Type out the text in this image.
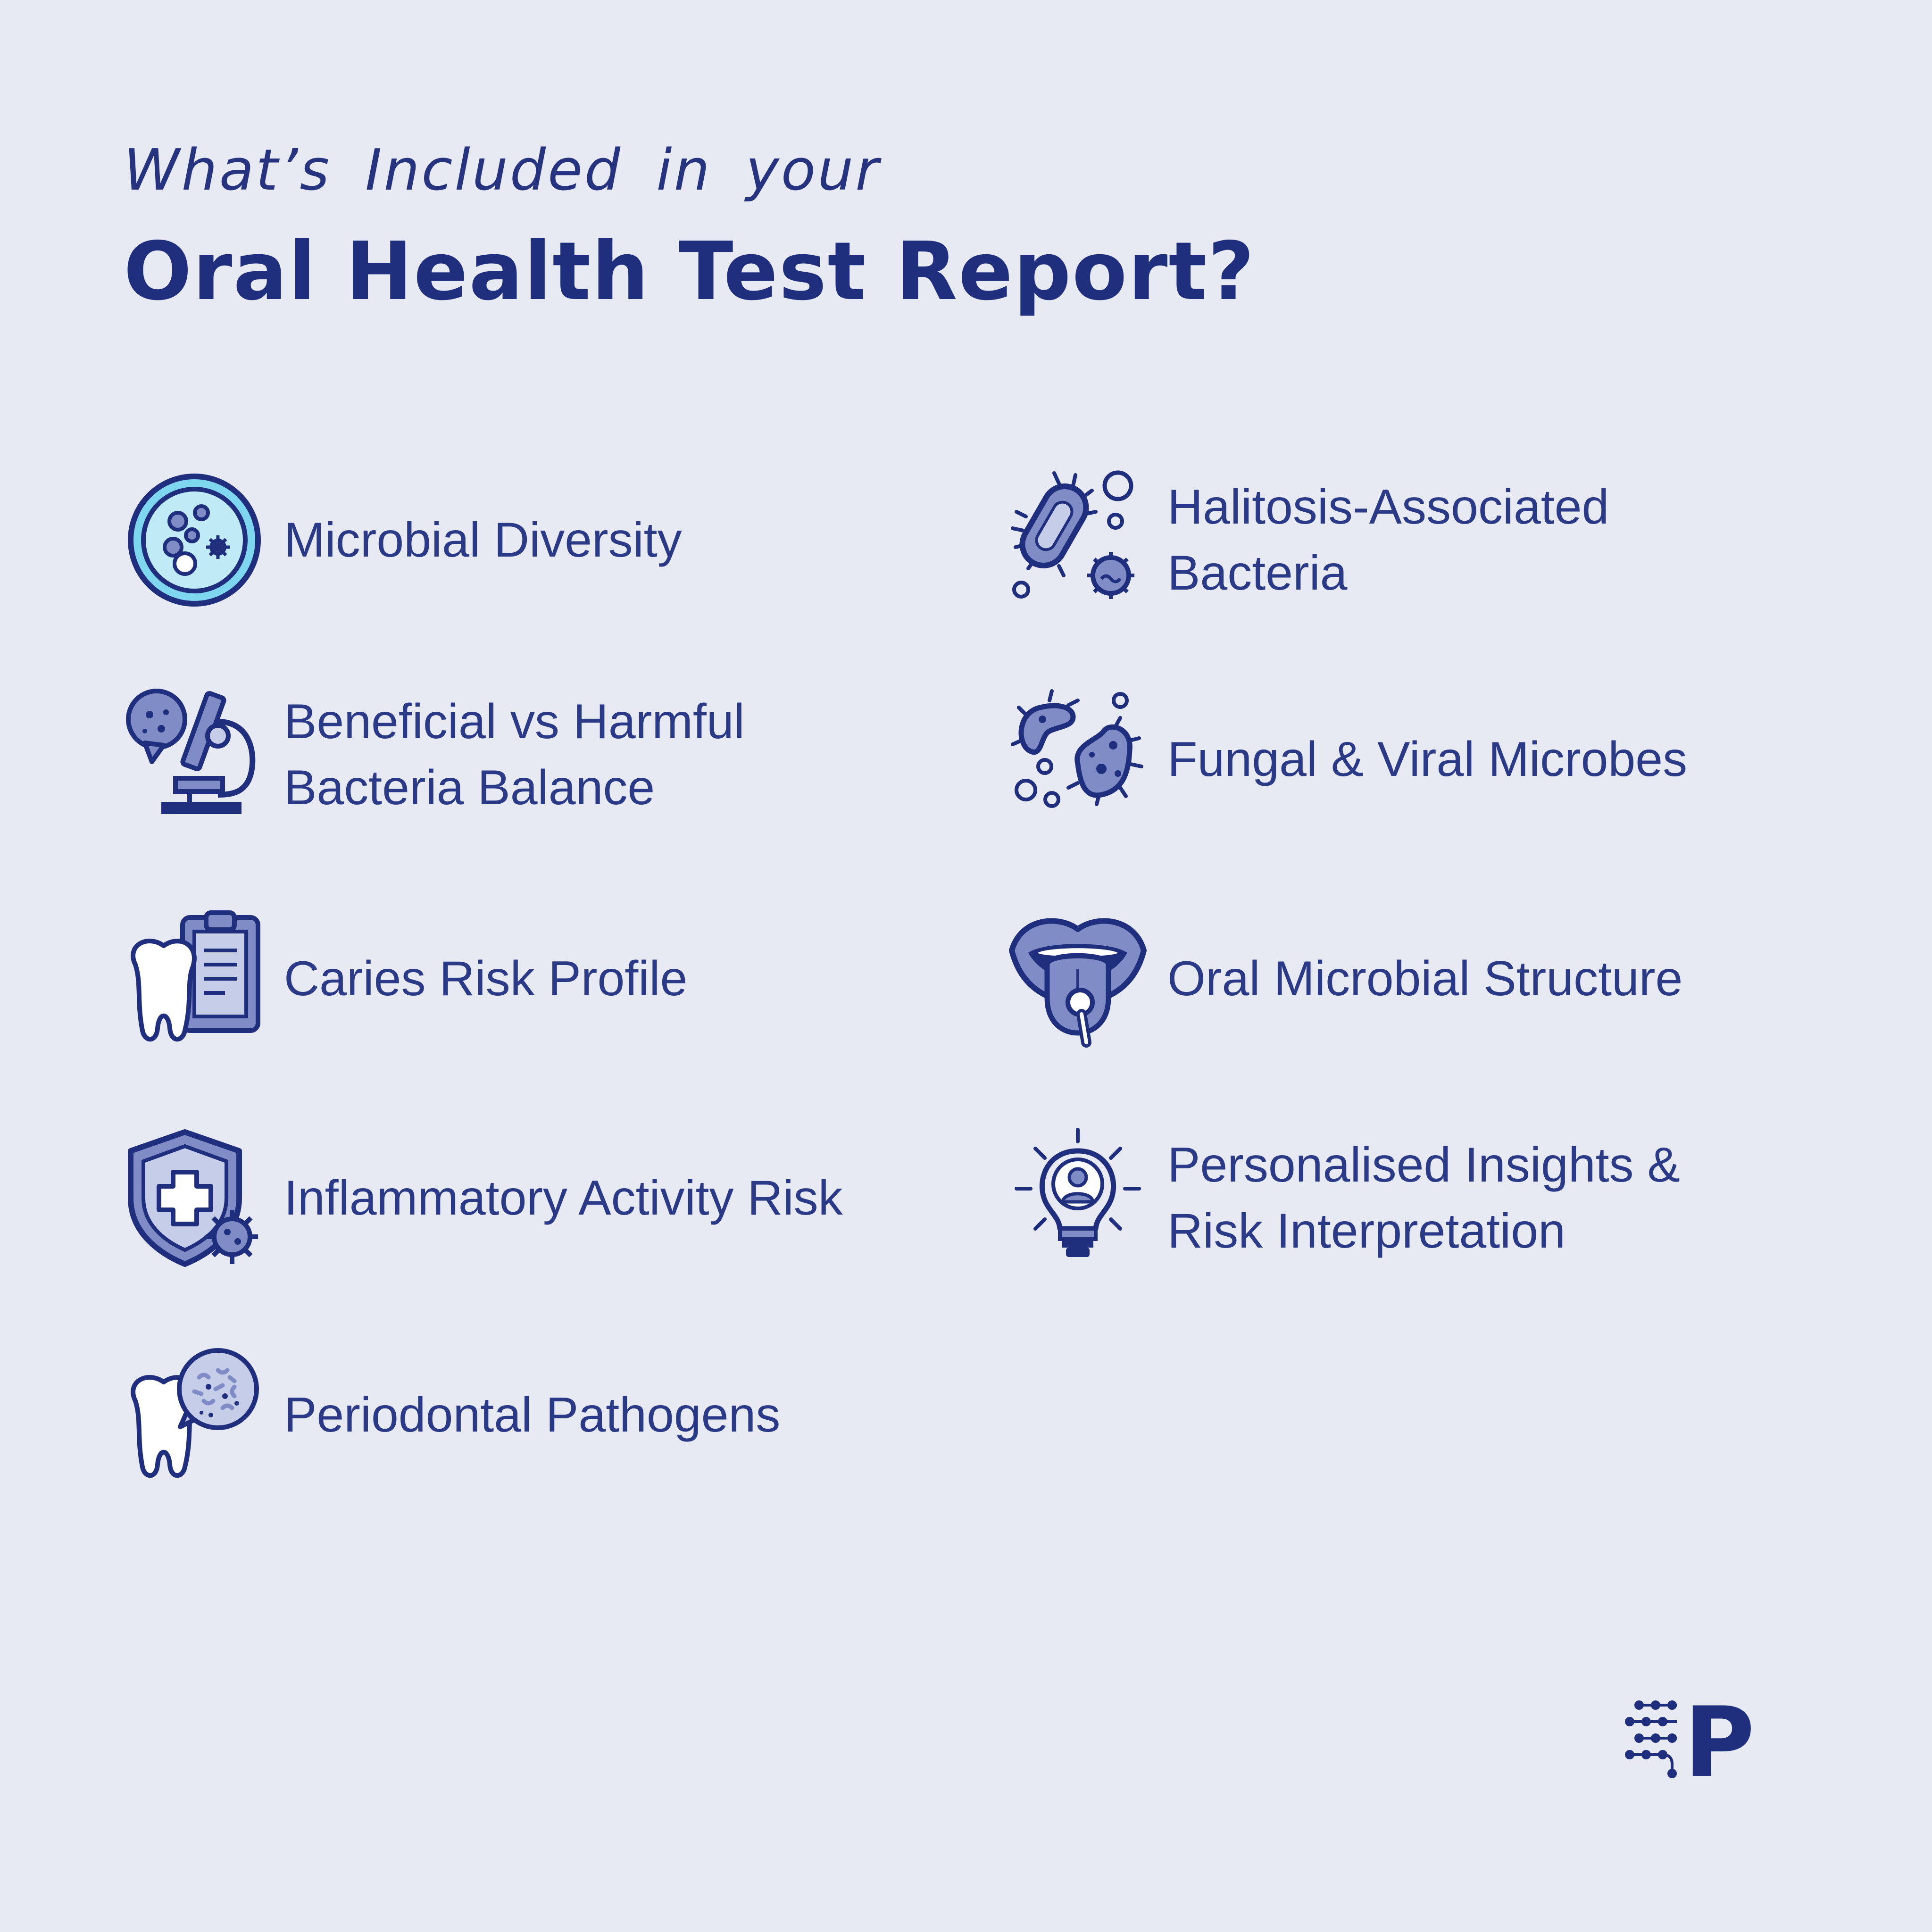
What’s Included in your
Oral Health Test Report?
Microbial Diversity
Beneficial vs Harmful
Bacteria Balance
Caries Risk Profile
Inflammatory Activity Risk
Periodontal Pathogens
Halitosis-Associated
Bacteria
Fungal & Viral Microbes
Oral Microbial Structure
Personalised Insights &
Risk Interpretation
P
